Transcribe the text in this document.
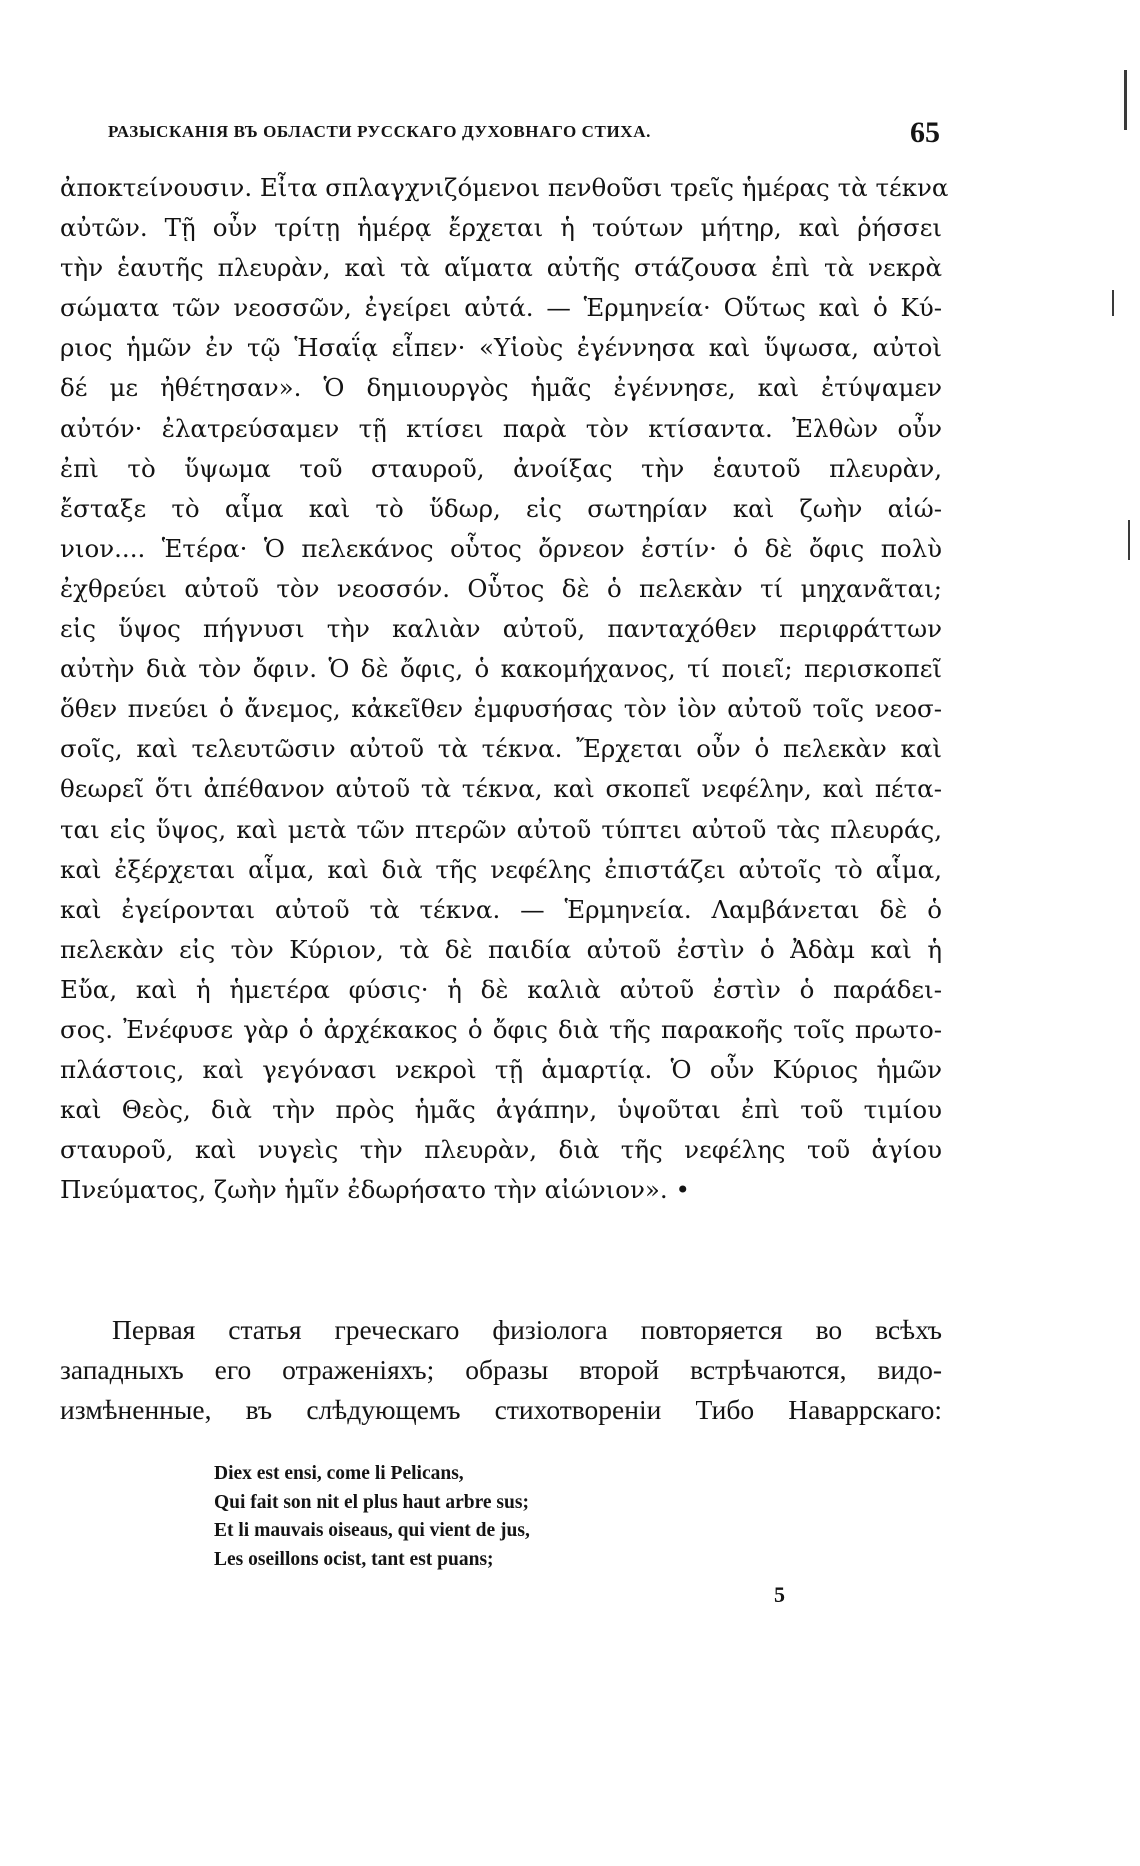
РАЗЫСКАНІЯ ВЪ ОБЛАСТИ РУССКАГО ДУХОВНАГО СТИХА.	65
ἀποκτείνουσιν. Εἶτα σπλαγχνιζόμενοι πενθοῦσι τρεῖς ἡμέρας τὰ τέκνα
αὐτῶν. Τῇ οὖν τρίτῃ ἡμέρᾳ ἔρχεται ἡ τούτων μήτηρ, καὶ ῥήσσει
τὴν ἑαυτῆς πλευρὰν, καὶ τὰ αἵματα αὐτῆς στάζουσα ἐπὶ τὰ νεκρὰ
σώματα τῶν νεοσσῶν, ἐγείρει αὐτά. — Ἑρμηνεία· Οὕτως καὶ ὁ Κύ-
ριος ἡμῶν ἐν τῷ Ἡσαΐᾳ εἶπεν· «Υἱοὺς ἐγέννησα καὶ ὕψωσα, αὐτοὶ
δέ με ἠθέτησαν». Ὁ δημιουργὸς ἡμᾶς ἐγέννησε, καὶ ἐτύψαμεν
αὐτόν· ἐλατρεύσαμεν τῇ κτίσει παρὰ τὸν κτίσαντα. Ἐλθὼν οὖν
ἐπὶ τὸ ὕψωμα τοῦ σταυροῦ, ἀνοίξας τὴν ἑαυτοῦ πλευρὰν,
ἔσταξε τὸ αἷμα καὶ τὸ ὕδωρ, εἰς σωτηρίαν καὶ ζωὴν αἰώ-
νιον.... Ἑτέρα· Ὁ πελεκάνος οὗτος ὄρνεον ἐστίν· ὁ δὲ ὄφις πολὺ
ἐχθρεύει αὐτοῦ τὸν νεοσσόν. Οὗτος δὲ ὁ πελεκὰν τί μηχανᾶται;
εἰς ὕψος πήγνυσι τὴν καλιὰν αὐτοῦ, πανταχόθεν περιφράττων
αὐτὴν διὰ τὸν ὄφιν. Ὁ δὲ ὄφις, ὁ κακομήχανος, τί ποιεῖ; περισκοπεῖ
ὅθεν πνεύει ὁ ἄνεμος, κἀκεῖθεν ἐμφυσήσας τὸν ἰὸν αὐτοῦ τοῖς νεοσ-
σοῖς, καὶ τελευτῶσιν αὐτοῦ τὰ τέκνα. Ἔρχεται οὖν ὁ πελεκὰν καὶ
θεωρεῖ ὅτι ἀπέθανον αὐτοῦ τὰ τέκνα, καὶ σκοπεῖ νεφέλην, καὶ πέτα-
ται εἰς ὕψος, καὶ μετὰ τῶν πτερῶν αὐτοῦ τύπτει αὐτοῦ τὰς πλευράς,
καὶ ἐξέρχεται αἷμα, καὶ διὰ τῆς νεφέλης ἐπιστάζει αὐτοῖς τὸ αἷμα,
καὶ ἐγείρονται αὐτοῦ τὰ τέκνα. — Ἑρμηνεία. Λαμβάνεται δὲ ὁ
πελεκὰν εἰς τὸν Κύριον, τὰ δὲ παιδία αὐτοῦ ἐστὶν ὁ Ἀδὰμ καὶ ἡ
Εὔα, καὶ ἡ ἡμετέρα φύσις· ἡ δὲ καλιὰ αὐτοῦ ἐστὶν ὁ παράδει-
σος. Ἐνέφυσε γὰρ ὁ ἀρχέκακος ὁ ὄφις διὰ τῆς παρακοῆς τοῖς πρωτο-
πλάστοις, καὶ γεγόνασι νεκροὶ τῇ ἁμαρτίᾳ. Ὁ οὖν Κύριος ἡμῶν
καὶ Θεὸς, διὰ τὴν πρὸς ἡμᾶς ἀγάπην, ὑψοῦται ἐπὶ τοῦ τιμίου
σταυροῦ, καὶ νυγεὶς τὴν πλευρὰν, διὰ τῆς νεφέλης τοῦ ἁγίου
Πνεύματος, ζωὴν ἡμῖν ἐδωρήσατο τὴν αἰώνιον». •
Первая статья греческаго физіолога повторяется во всѣхъ
западныхъ его отраженіяхъ; образы второй встрѣчаются, видо-
измѣненные, въ слѣдующемъ стихотвореніи Тибо Наваррскаго:
Diex est ensi, come li Pelicans,
Qui fait son nit el plus haut arbre sus;
Et li mauvais oiseaus, qui vient de jus,
Les oseillons ocist, tant est puans;
5
